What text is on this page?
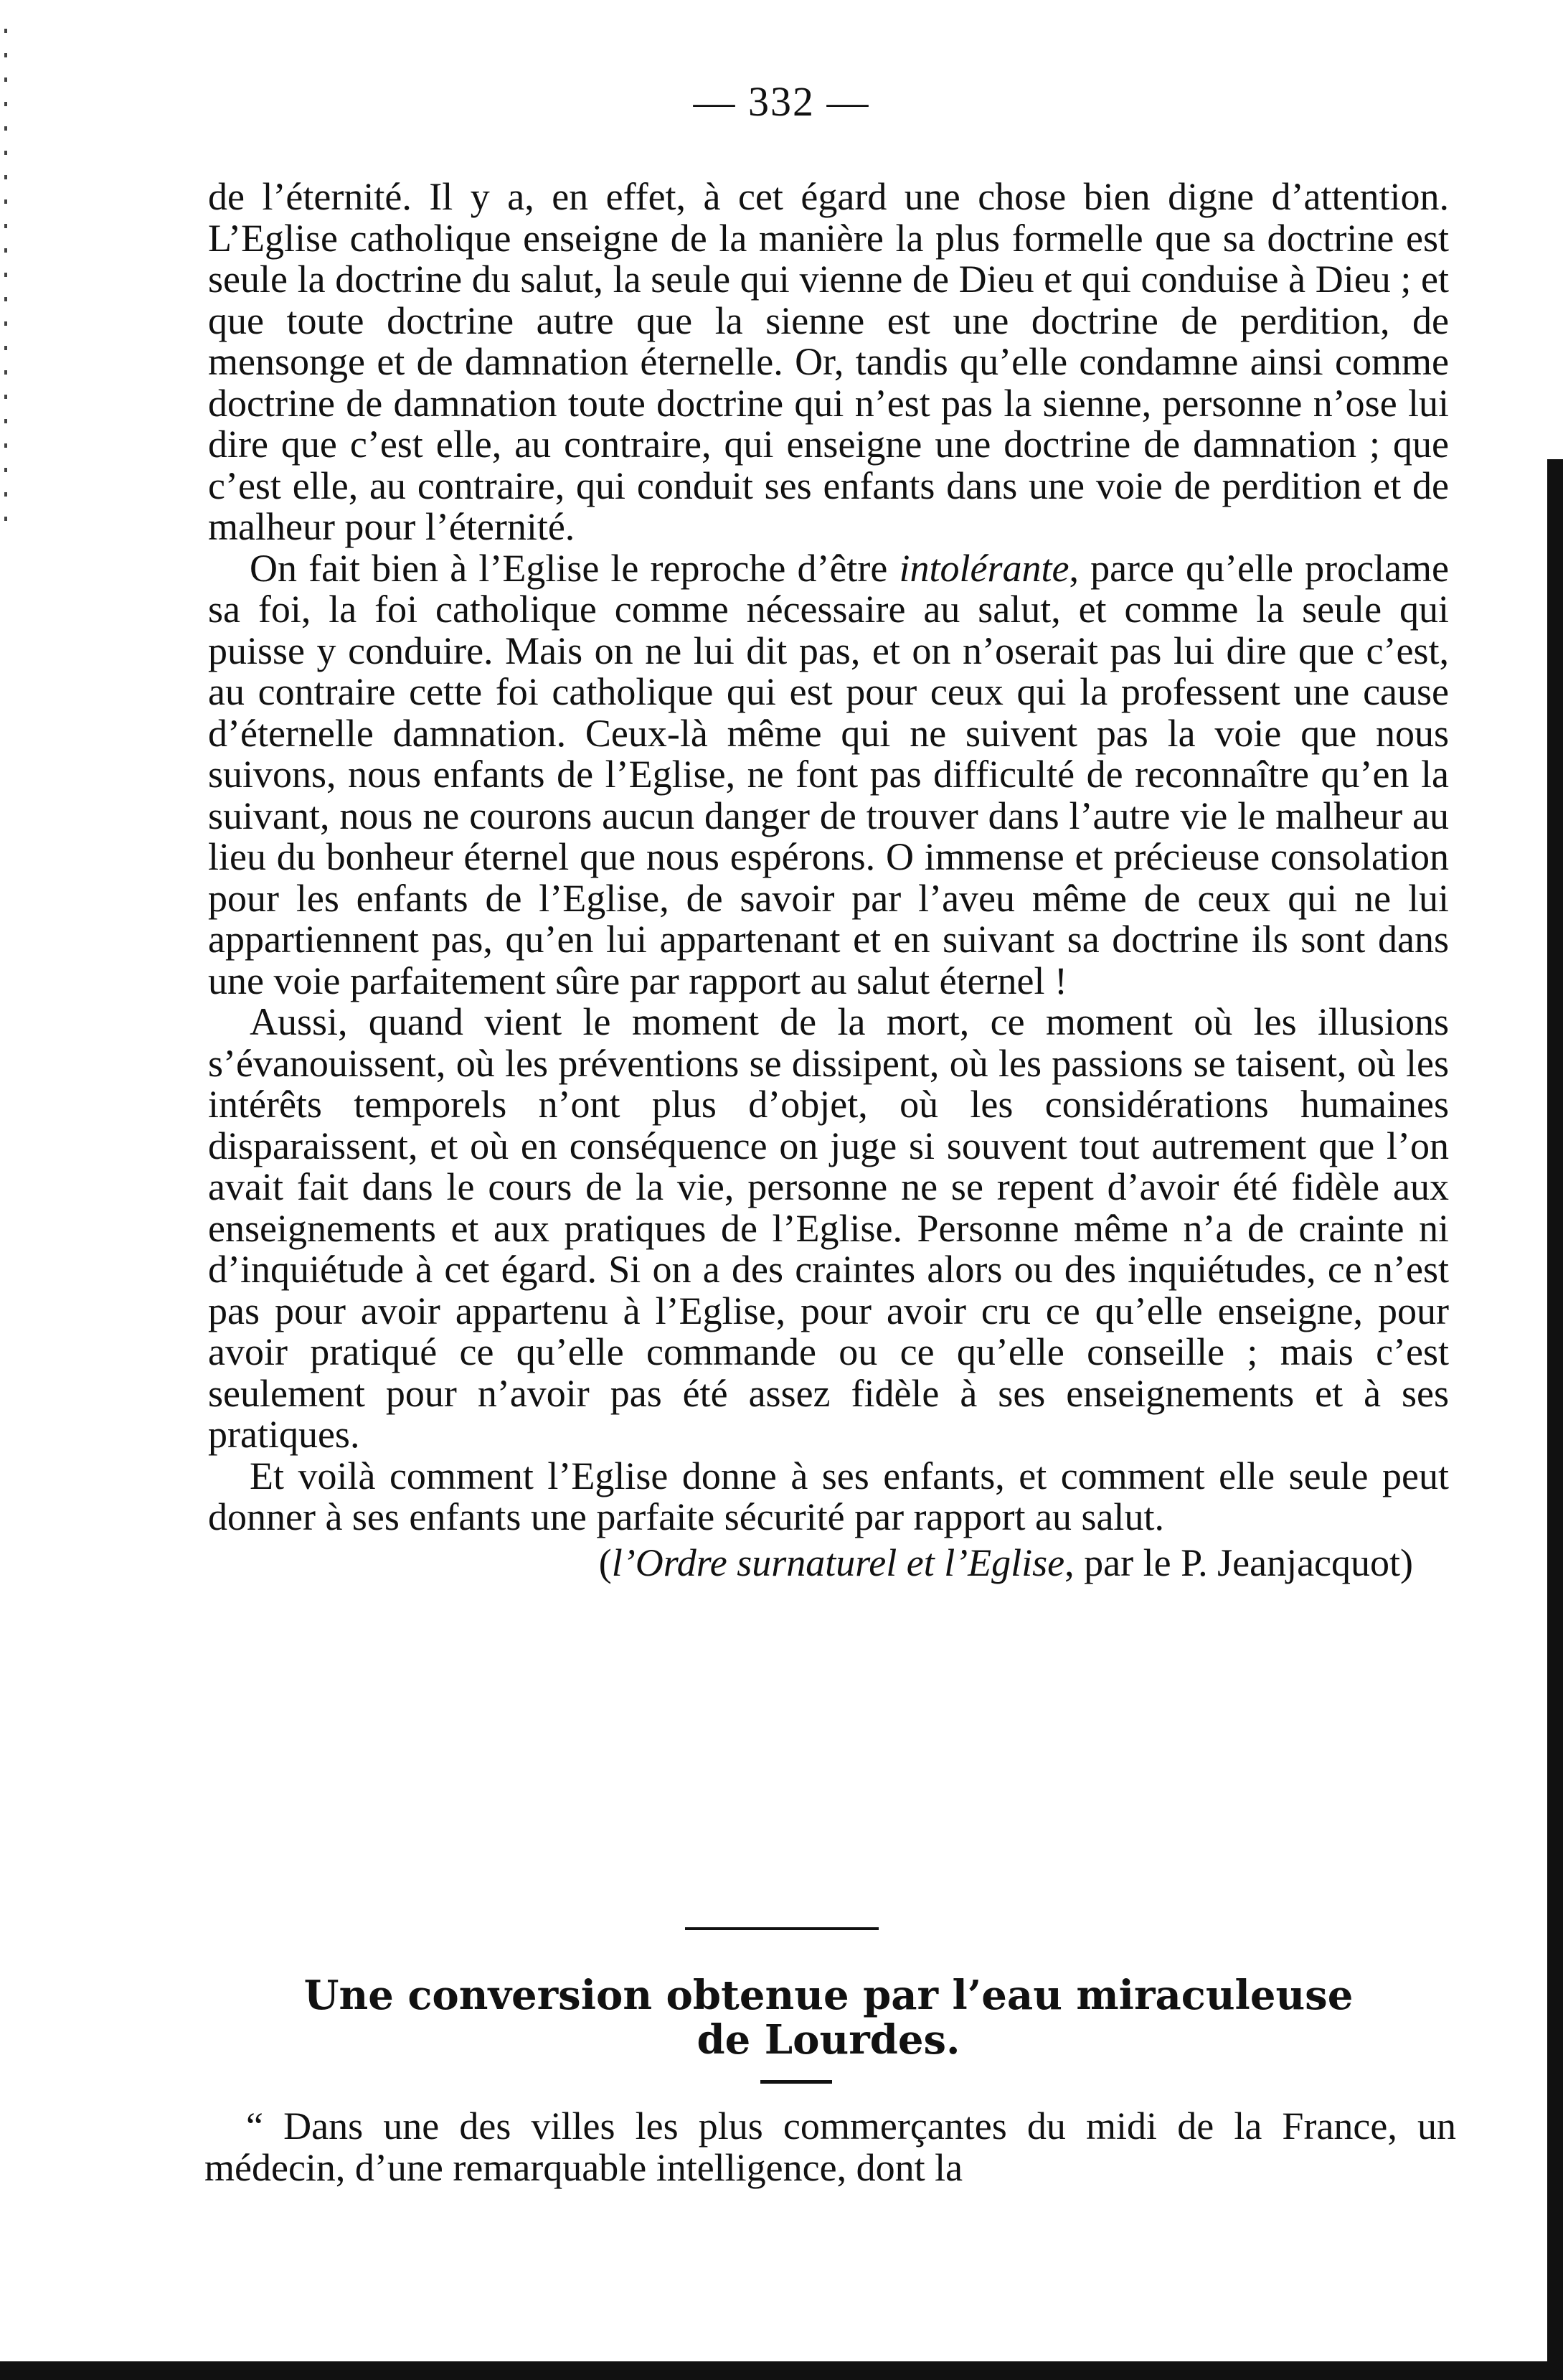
— 332 —

de l’éternité. Il y a, en effet, à cet égard une chose bien digne d’attention. L’Eglise catholique enseigne de la manière la plus formelle que sa doctrine est seule la doctrine du salut, la seule qui vienne de Dieu et qui conduise à Dieu ; et que toute doctrine autre que la sienne est une doctrine de perdition, de mensonge et de damnation éternelle. Or, tandis qu’elle condamne ainsi comme doctrine de damnation toute doctrine qui n’est pas la sienne, personne n’ose lui dire que c’est elle, au contraire, qui enseigne une doctrine de damnation ; que c’est elle, au contraire, qui conduit ses enfants dans une voie de perdition et de malheur pour l’éternité.

On fait bien à l’Eglise le reproche d’être intolérante, parce qu’elle proclame sa foi, la foi catholique comme nécessaire au salut, et comme la seule qui puisse y conduire. Mais on ne lui dit pas, et on n’oserait pas lui dire que c’est, au contraire cette foi catholique qui est pour ceux qui la professent une cause d’éternelle damnation. Ceux-là même qui ne suivent pas la voie que nous suivons, nous enfants de l’Eglise, ne font pas difficulté de reconnaître qu’en la suivant, nous ne courons aucun danger de trouver dans l’autre vie le malheur au lieu du bonheur éternel que nous espérons. O immense et précieuse consolation pour les enfants de l’Eglise, de savoir par l’aveu même de ceux qui ne lui appartiennent pas, qu’en lui appartenant et en suivant sa doctrine ils sont dans une voie parfaitement sûre par rapport au salut éternel !

Aussi, quand vient le moment de la mort, ce moment où les illusions s’évanouissent, où les préventions se dissipent, où les passions se taisent, où les intérêts temporels n’ont plus d’objet, où les considérations humaines disparaissent, et où en conséquence on juge si souvent tout autrement que l’on avait fait dans le cours de la vie, personne ne se repent d’avoir été fidèle aux enseignements et aux pratiques de l’Eglise. Personne même n’a de crainte ni d’inquiétude à cet égard. Si on a des craintes alors ou des inquiétudes, ce n’est pas pour avoir appartenu à l’Eglise, pour avoir cru ce qu’elle enseigne, pour avoir pratiqué ce qu’elle commande ou ce qu’elle conseille ; mais c’est seulement pour n’avoir pas été assez fidèle à ses enseignements et à ses pratiques.

Et voilà comment l’Eglise donne à ses enfants, et comment elle seule peut donner à ses enfants une parfaite sécurité par rapport au salut.

(l’Ordre surnaturel et l’Eglise, par le P. Jeanjacquot)

Une conversion obtenue par l’eau miraculeuse
de Lourdes.
“ Dans une des villes les plus commerçantes du midi de la France, un médecin, d’une remarquable intelligence, dont la
